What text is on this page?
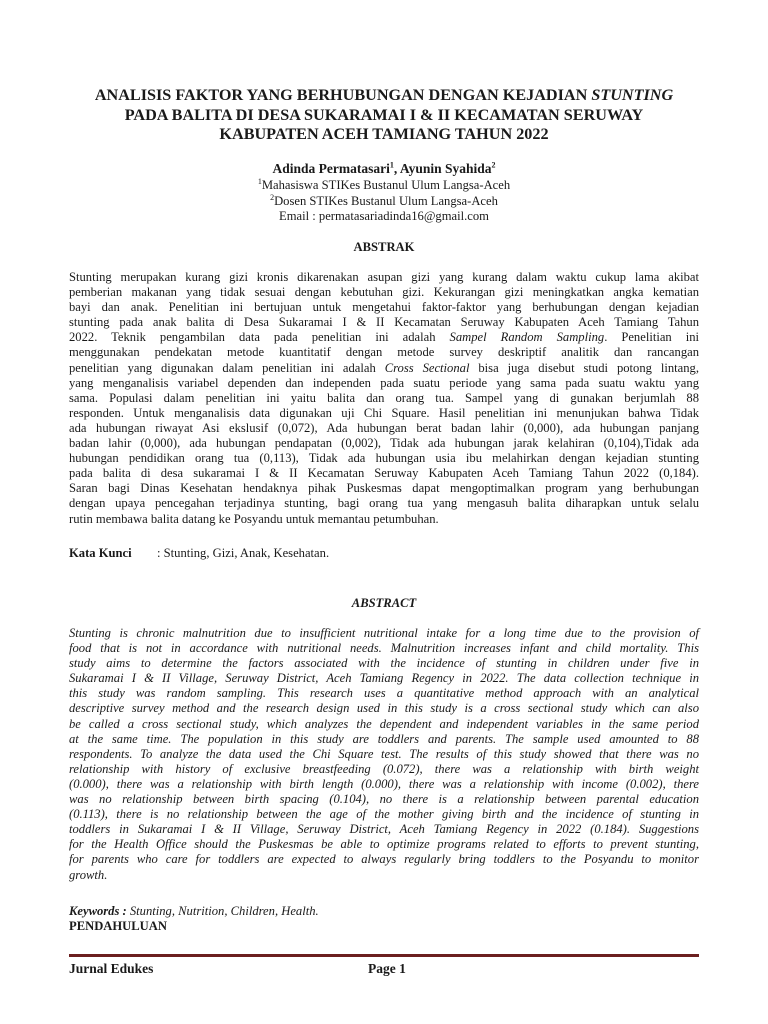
ANALISIS FAKTOR YANG BERHUBUNGAN DENGAN KEJADIAN STUNTING
PADA BALITA DI DESA SUKARAMAI I & II KECAMATAN SERUWAY
KABUPATEN ACEH TAMIANG TAHUN 2022
Adinda Permatasari$^1$, Ayunin Syahida$^2$
$^1$Mahasiswa STIKes Bustanul Ulum Langsa-Aceh
$^2$Dosen STIKes Bustanul Ulum Langsa-Aceh
Email : permatasariadinda16@gmail.com
ABSTRAK
Stunting merupakan kurang gizi kronis dikarenakan asupan gizi yang kurang dalam waktu cukup lama akibat
pemberian makanan yang tidak sesuai dengan kebutuhan gizi. Kekurangan gizi meningkatkan angka kematian
bayi dan anak. Penelitian ini bertujuan untuk mengetahui faktor-faktor yang berhubungan dengan kejadian
stunting pada anak balita di Desa Sukaramai I & II Kecamatan Seruway Kabupaten Aceh Tamiang Tahun
2022. Teknik pengambilan data pada penelitian ini adalah Sampel Random Sampling. Penelitian ini
menggunakan pendekatan metode kuantitatif dengan metode survey deskriptif analitik dan rancangan
penelitian yang digunakan dalam penelitian ini adalah Cross Sectional bisa juga disebut studi potong lintang,
yang menganalisis variabel dependen dan independen pada suatu periode yang sama pada suatu waktu yang
sama. Populasi dalam penelitian ini yaitu balita dan orang tua. Sampel yang di gunakan berjumlah 88
responden. Untuk menganalisis data digunakan uji Chi Square. Hasil penelitian ini menunjukan bahwa Tidak
ada hubungan riwayat Asi ekslusif (0,072), Ada hubungan berat badan lahir (0,000), ada hubungan panjang
badan lahir (0,000), ada hubungan pendapatan (0,002), Tidak ada hubungan jarak kelahiran (0,104),Tidak ada
hubungan pendidikan orang tua (0,113), Tidak ada hubungan usia ibu melahirkan dengan kejadian stunting
pada balita di desa sukaramai I & II Kecamatan Seruway Kabupaten Aceh Tamiang Tahun 2022 (0,184).
Saran bagi Dinas Kesehatan hendaknya pihak Puskesmas dapat mengoptimalkan program yang berhubungan
dengan upaya pencegahan terjadinya stunting, bagi orang tua yang mengasuh balita diharapkan untuk selalu
rutin membawa balita datang ke Posyandu untuk memantau petumbuhan.
Kata Kunci : Stunting, Gizi, Anak, Kesehatan.
ABSTRACT
Stunting is chronic malnutrition due to insufficient nutritional intake for a long time due to the provision of
food that is not in accordance with nutritional needs. Malnutrition increases infant and child mortality. This
study aims to determine the factors associated with the incidence of stunting in children under five in
Sukaramai I & II Village, Seruway District, Aceh Tamiang Regency in 2022. The data collection technique in
this study was random sampling. This research uses a quantitative method approach with an analytical
descriptive survey method and the research design used in this study is a cross sectional study which can also
be called a cross sectional study, which analyzes the dependent and independent variables in the same period
at the same time. The population in this study are toddlers and parents. The sample used amounted to 88
respondents. To analyze the data used the Chi Square test. The results of this study showed that there was no
relationship with history of exclusive breastfeeding (0.072), there was a relationship with birth weight
(0.000), there was a relationship with birth length (0.000), there was a relationship with income (0.002), there
was no relationship between birth spacing (0.104), no there is a relationship between parental education
(0.113), there is no relationship between the age of the mother giving birth and the incidence of stunting in
toddlers in Sukaramai I & II Village, Seruway District, Aceh Tamiang Regency in 2022 (0.184). Suggestions
for the Health Office should the Puskesmas be able to optimize programs related to efforts to prevent stunting,
for parents who care for toddlers are expected to always regularly bring toddlers to the Posyandu to monitor
growth.
Keywords : Stunting, Nutrition, Children, Health.
PENDAHULUAN
Jurnal Edukes	Page 1
